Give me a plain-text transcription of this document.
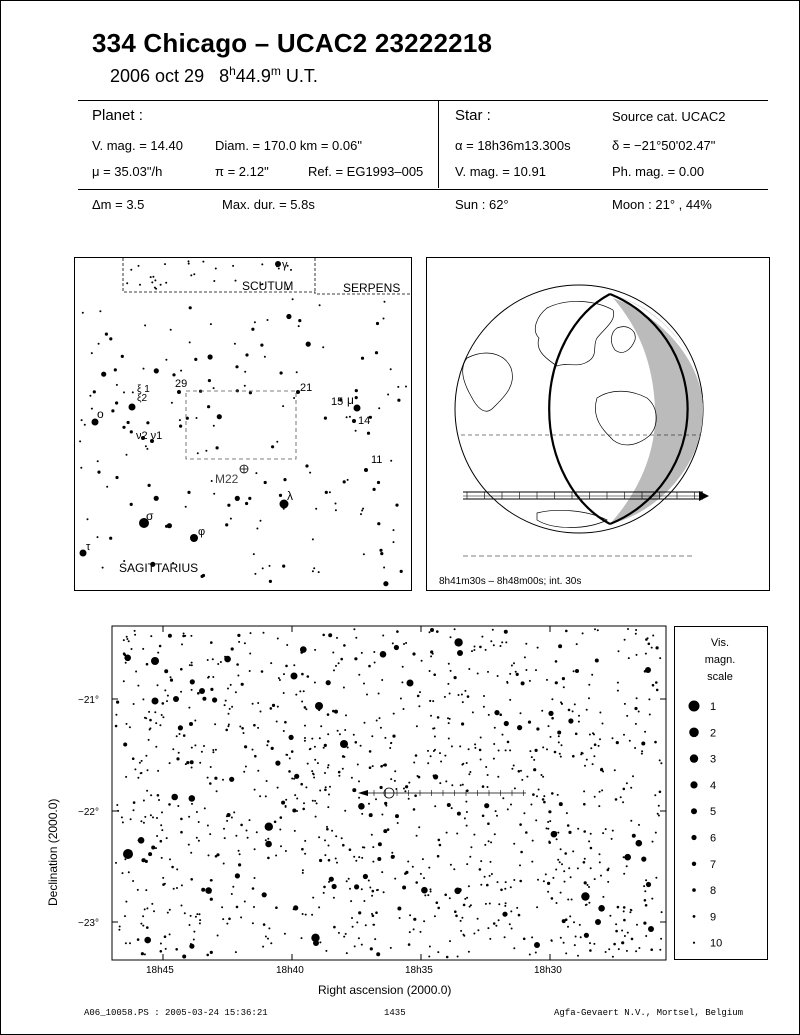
334 Chicago – UCAC2 23222218
2006 oct 29 8$^h$44.9$^m$ U.T.
Planet :
V. mag. = 14.40 Diam. = 170.0 km = 0.06"
μ = 35.03"/h	π = 2.12"	Ref. = EG1993–005
Star :	Source cat. UCAC2
α = 18h36m13.300s	δ = −21°50'02.47"
V. mag. = 10.91	Ph. mag. = 0.00
Δm = 3.5	Max. dur. = 5.8s	Sun : 62°	Moon : 21° , 44%
γ
SCUTUM	SERPENS
ξ 1
ξ2
o
ν2 ν1
σ
φ
τ
λ
15 μ
14
11
21
29
M22
SAGITTARIUS
8h41m30s – 8h48m00s; int. 30s
Declination (2000.0)
Right ascension (2000.0)
−21°
−22°
−23°
18h45	18h40	18h35	18h30
Vis.
magn.
scale
1
2
3
4
5
6
7
8
9
10
A06_10058.PS : 2005-03-24 15:36:21	1435	Agfa-Gevaert N.V., Mortsel, Belgium
